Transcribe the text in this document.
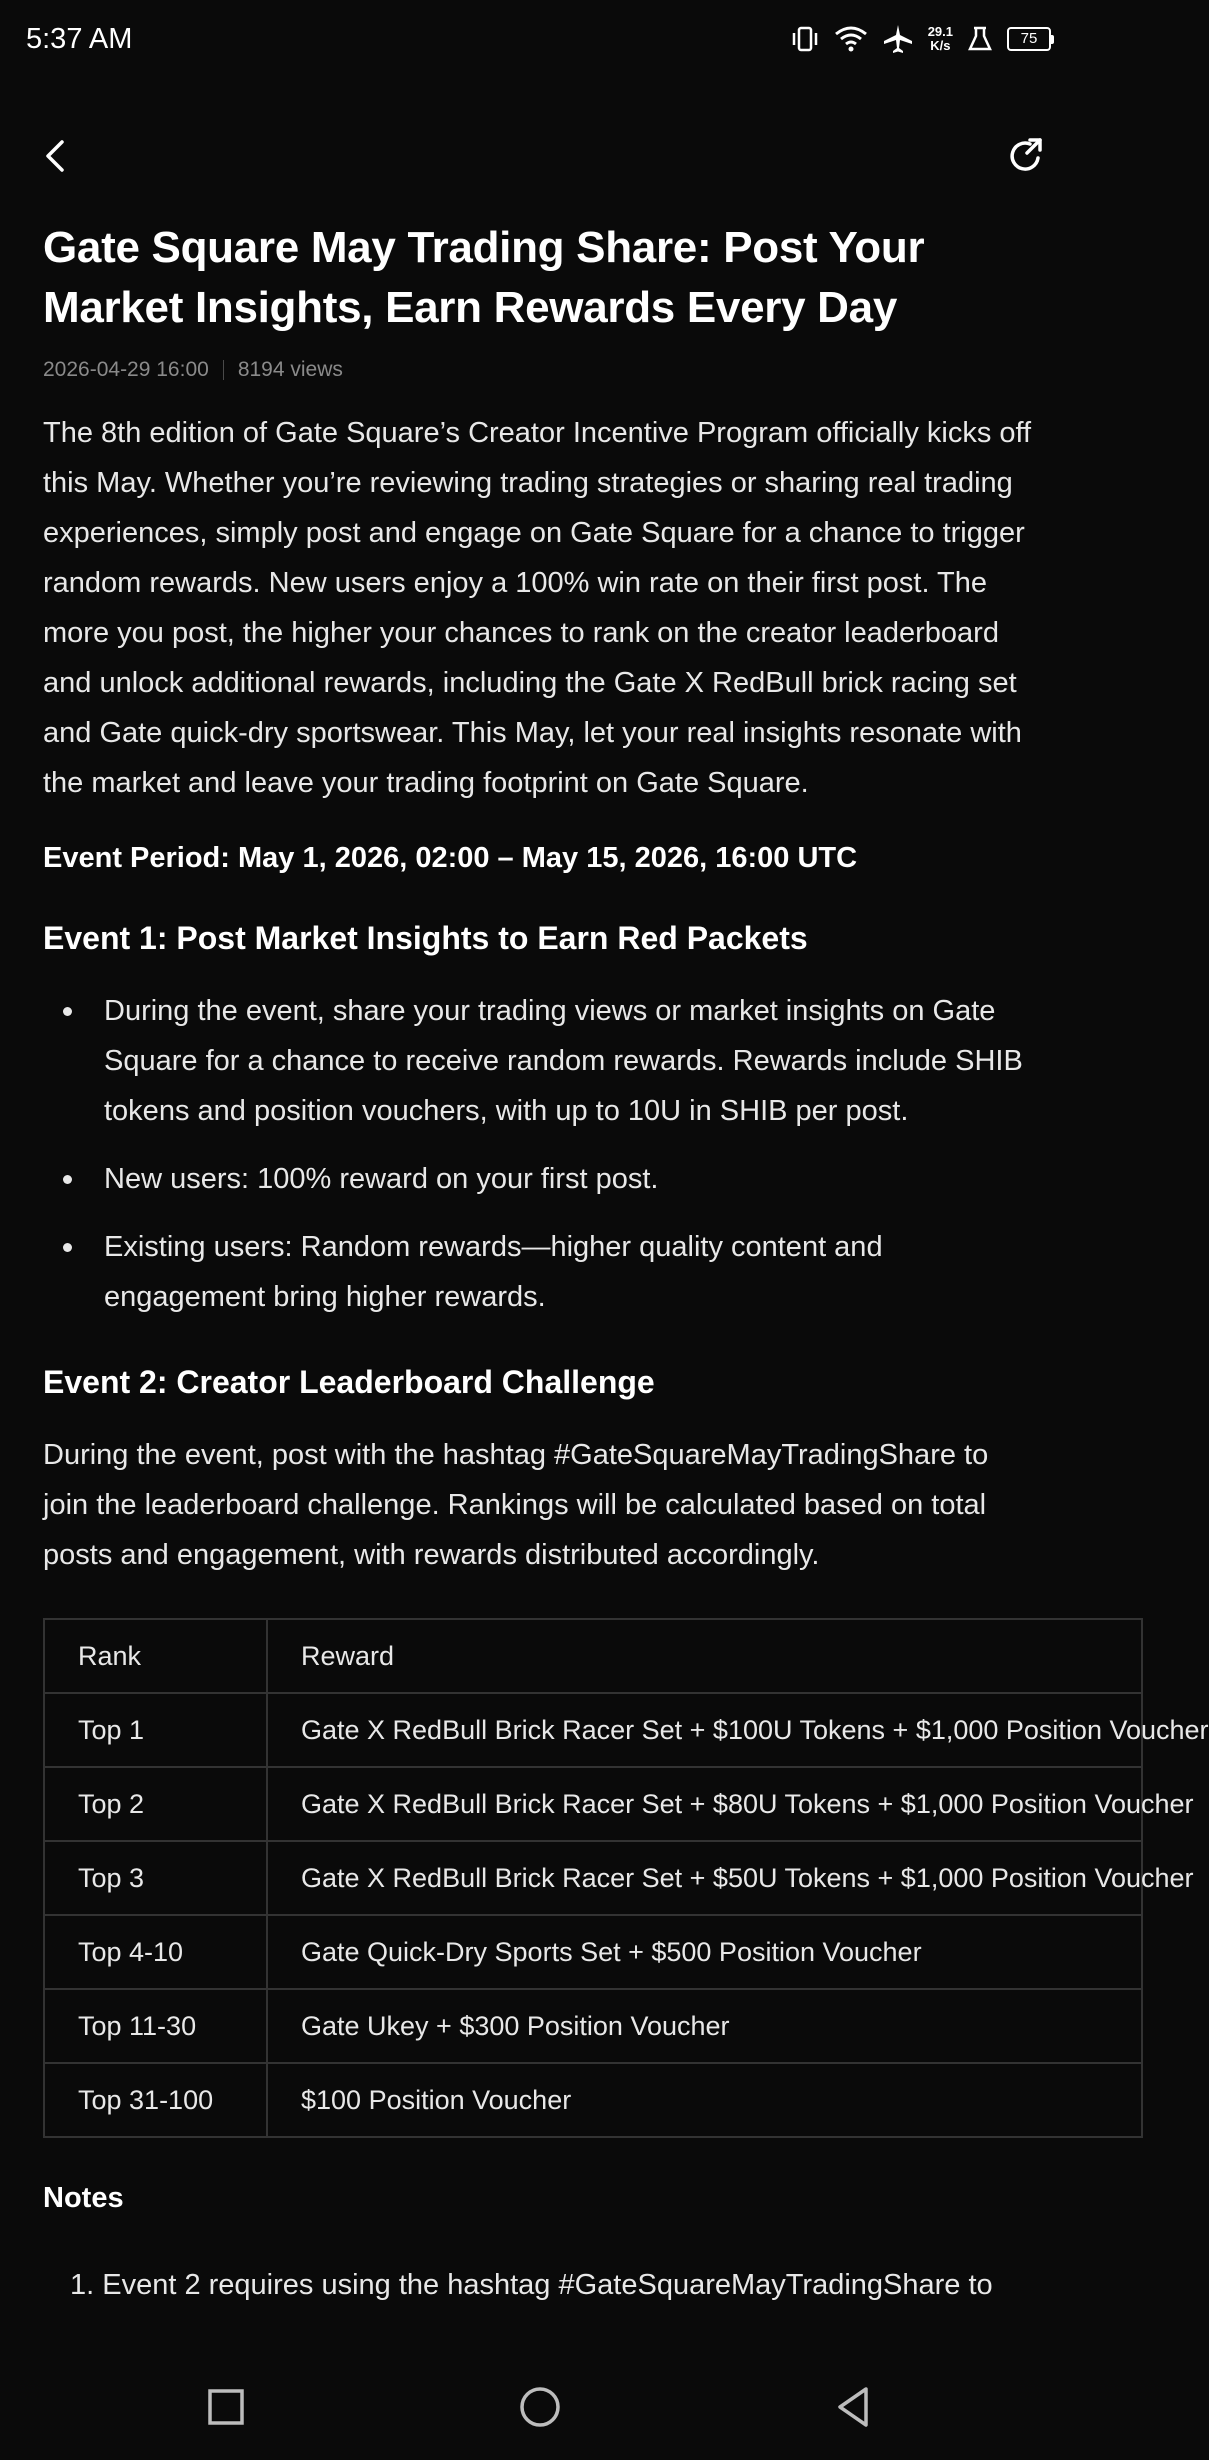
5:37 AM	29.1
K/s	75
Gate Square May Trading Share: Post Your Market Insights, Earn Rewards Every Day
2026-04-29 16:00 8194 views

The 8th edition of Gate Square’s Creator Incentive Program officially kicks off this May. Whether you’re reviewing trading strategies or sharing real trading experiences, simply post and engage on Gate Square for a chance to trigger random rewards. New users enjoy a 100% win rate on their first post. The more you post, the higher your chances to rank on the creator leaderboard and unlock additional rewards, including the Gate X RedBull brick racing set and Gate quick-dry sportswear. This May, let your real insights resonate with the market and leave your trading footprint on Gate Square.

Event Period: May 1, 2026, 02:00 – May 15, 2026, 16:00 UTC
Event 1: Post Market Insights to Earn Red Packets
During the event, share your trading views or market insights on Gate Square for a chance to receive random rewards. Rewards include SHIB tokens and position vouchers, with up to 10U in SHIB per post.
New users: 100% reward on your first post.
Existing users: Random rewards—higher quality content and engagement bring higher rewards.
Event 2: Creator Leaderboard Challenge

During the event, post with the hashtag #GateSquareMayTradingShare to join the leaderboard challenge. Rankings will be calculated based on total posts and engagement, with rewards distributed accordingly.

Rank	Reward
Top 1	Gate X RedBull Brick Racer Set + $100U Tokens + $1,000 Position Voucher
Top 2	Gate X RedBull Brick Racer Set + $80U Tokens + $1,000 Position Voucher
Top 3	Gate X RedBull Brick Racer Set + $50U Tokens + $1,000 Position Voucher
Top 4-10	Gate Quick-Dry Sports Set + $500 Position Voucher
Top 11-30	Gate Ukey + $300 Position Voucher
Top 31-100	$100 Position Voucher
Notes
1. Event 2 requires using the hashtag #GateSquareMayTradingShare to
